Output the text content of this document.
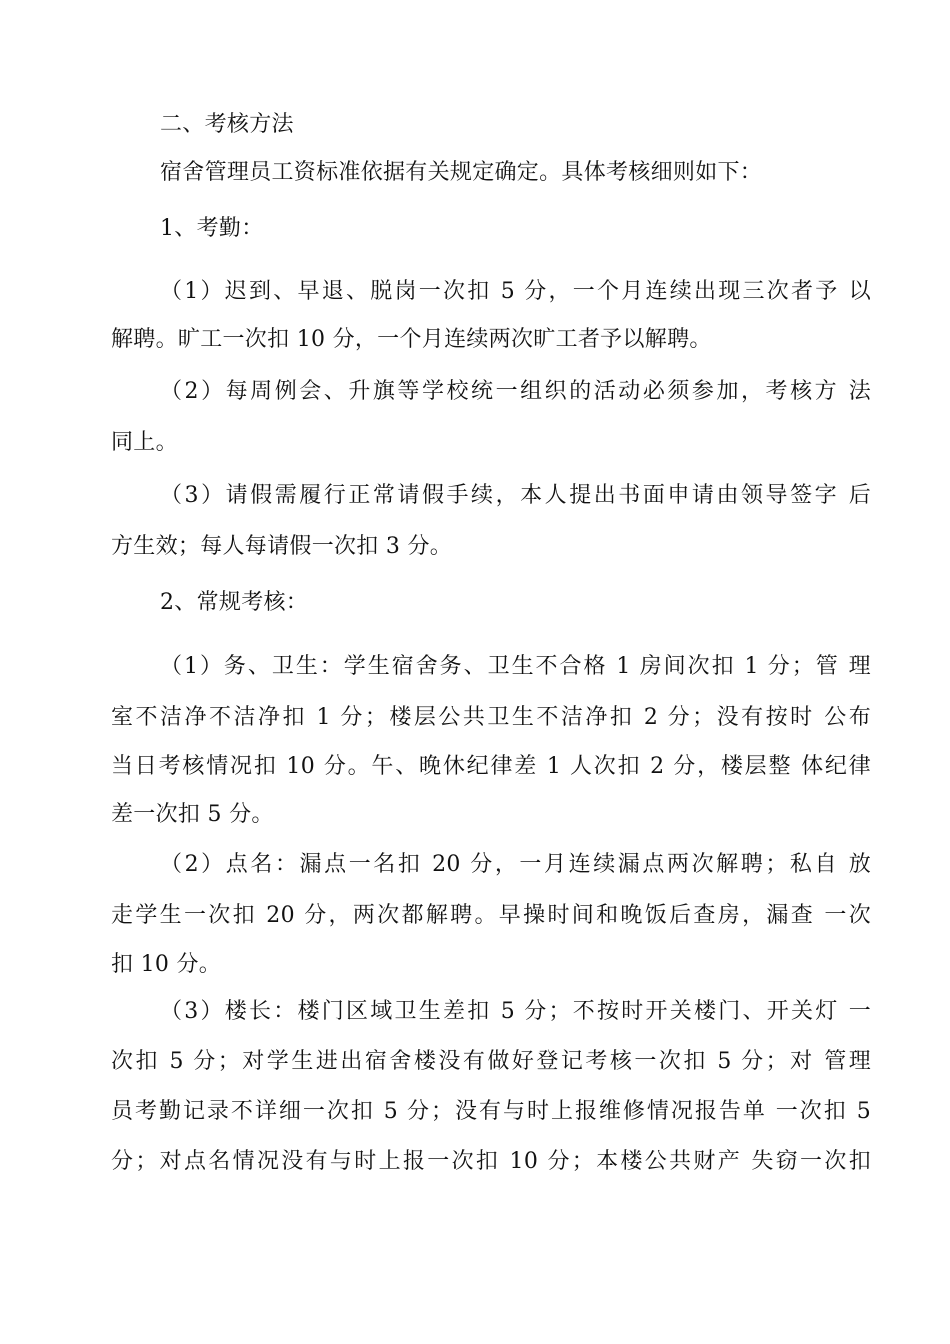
二、考核方法
宿舍管理员工资标准依据有关规定确定。具体考核细则如下：
1、考勤：
（1）迟到、早退、脱岗一次扣 5 分，一个月连续出现三次者予 以
解聘。旷工一次扣 10 分，一个月连续两次旷工者予以解聘。
（2）每周例会、升旗等学校统一组织的活动必须参加，考核方 法
同上。
（3）请假需履行正常请假手续，本人提出书面申请由领导签字 后
方生效；每人每请假一次扣 3 分。
2、常规考核：
（1）务、卫生：学生宿舍务、卫生不合格 1 房间次扣 1 分；管 理
室不洁净不洁净扣 1 分；楼层公共卫生不洁净扣 2 分；没有按时 公布
当日考核情况扣 10 分。午、晚休纪律差 1 人次扣 2 分，楼层整 体纪律
差一次扣 5 分。
（2）点名：漏点一名扣 20 分，一月连续漏点两次解聘；私自 放
走学生一次扣 20 分，两次都解聘。早操时间和晚饭后查房，漏查 一次
扣 10 分。
（3）楼长：楼门区域卫生差扣 5 分；不按时开关楼门、开关灯 一
次扣 5 分；对学生进出宿舍楼没有做好登记考核一次扣 5 分；对 管理
员考勤记录不详细一次扣 5 分；没有与时上报维修情况报告单 一次扣 5
分；对点名情况没有与时上报一次扣 10 分；本楼公共财产 失窃一次扣
